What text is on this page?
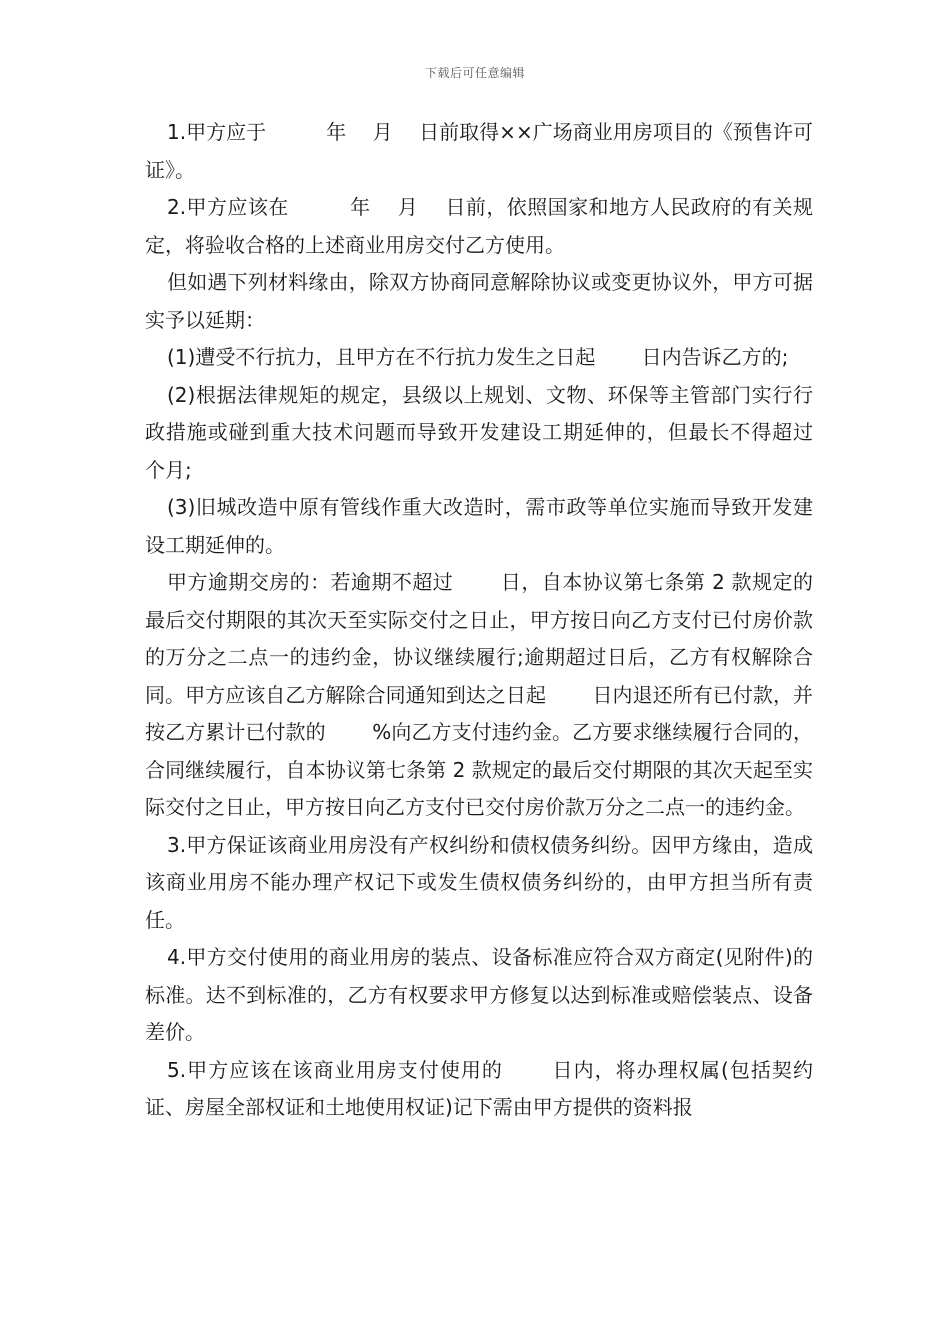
下载后可任意编辑

1.甲方应于　　　年　 月　 日前取得××广场商业用房项目的《预售许可证》。

2.甲方应该在　　　年　 月　 日前，依照国家和地方人民政府的有关规定，将验收合格的上述商业用房交付乙方使用。

但如遇下列材料缘由，除双方协商同意解除协议或变更协议外，甲方可据实予以延期：

(1)遭受不行抗力，且甲方在不行抗力发生之日起　　 日内告诉乙方的;

(2)根据法律规矩的规定，县级以上规划、文物、环保等主管部门实行行政措施或碰到重大技术问题而导致开发建设工期延伸的，但最长不得超过　 个月;

(3)旧城改造中原有管线作重大改造时，需市政等单位实施而导致开发建设工期延伸的。

甲方逾期交房的：若逾期不超过　　 日，自本协议第七条第 2 款规定的最后交付期限的其次天至实际交付之日止，甲方按日向乙方支付已付房价款的万分之二点一的违约金，协议继续履行;逾期超过日后，乙方有权解除合同。甲方应该自乙方解除合同通知到达之日起　　 日内退还所有已付款，并按乙方累计已付款的　　 %向乙方支付违约金。乙方要求继续履行合同的，合同继续履行，自本协议第七条第 2 款规定的最后交付期限的其次天起至实际交付之日止，甲方按日向乙方支付已交付房价款万分之二点一的违约金。

3.甲方保证该商业用房没有产权纠纷和债权债务纠纷。因甲方缘由，造成该商业用房不能办理产权记下或发生债权债务纠纷的，由甲方担当所有责任。

4.甲方交付使用的商业用房的装点、设备标准应符合双方商定(见附件)的标准。达不到标准的，乙方有权要求甲方修复以达到标准或赔偿装点、设备差价。

5.甲方应该在该商业用房支付使用的　　 日内，将办理权属(包括契约证、房屋全部权证和土地使用权证)记下需由甲方提供的资料报
